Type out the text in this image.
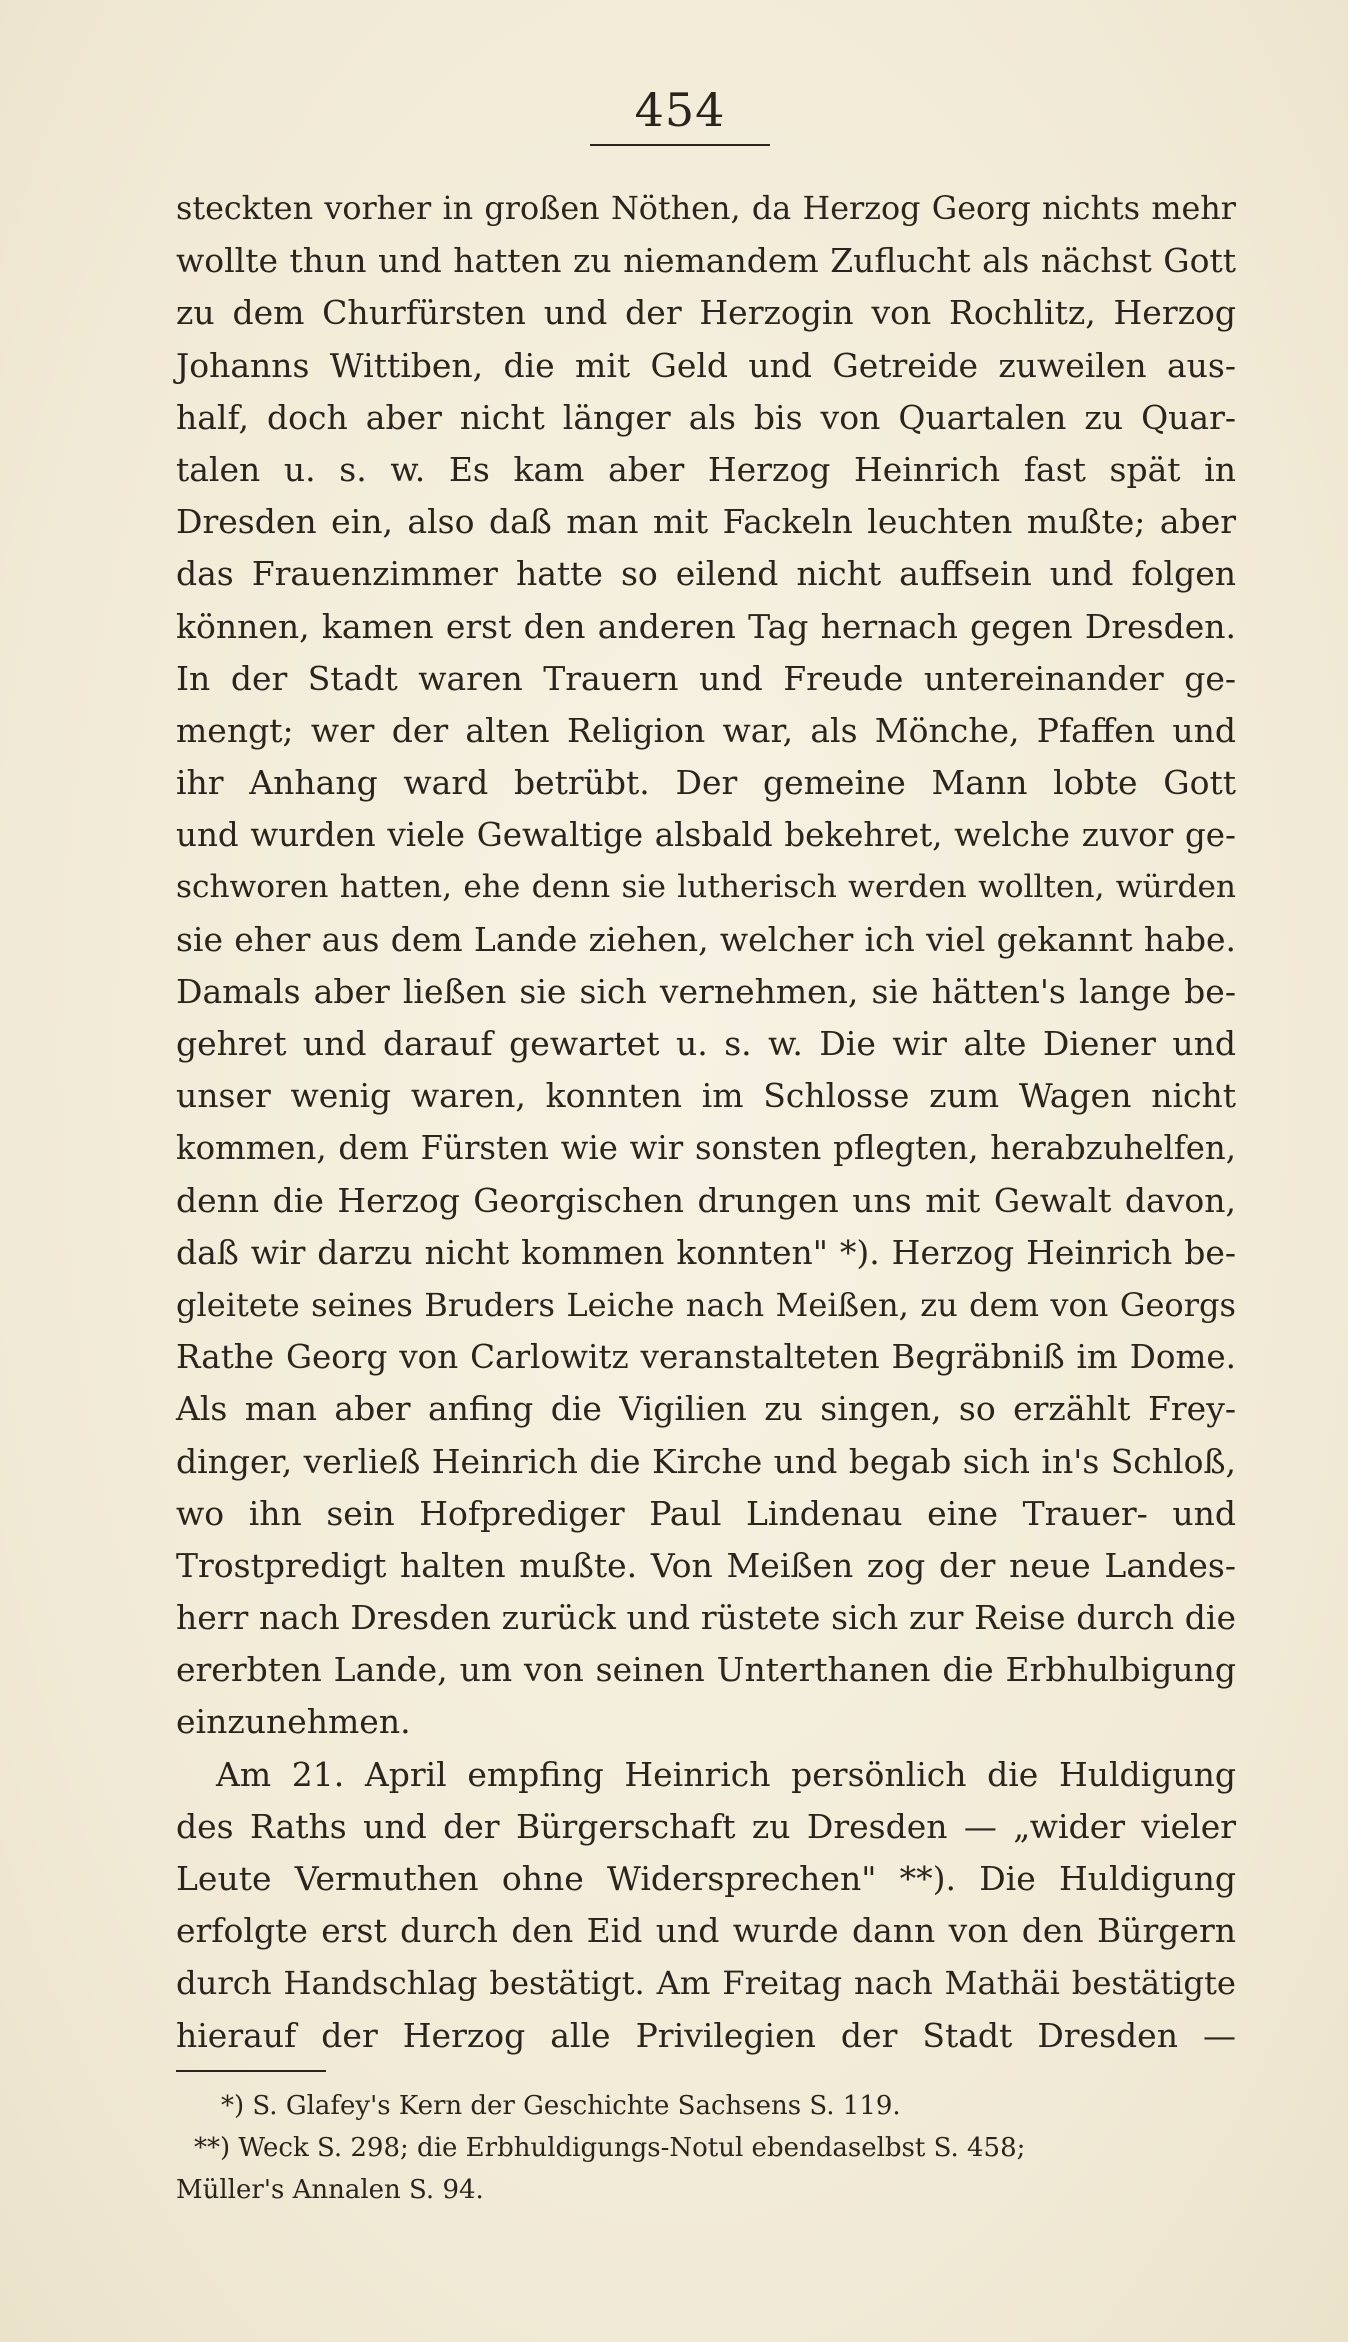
454
steckten vorher in großen Nöthen, da Herzog Georg nichts mehr
wollte thun und hatten zu niemandem Zuflucht als nächst Gott
zu dem Churfürsten und der Herzogin von Rochlitz, Herzog
Johanns Wittiben, die mit Geld und Getreide zuweilen aus-
half, doch aber nicht länger als bis von Quartalen zu Quar-
talen u. s. w. Es kam aber Herzog Heinrich fast spät in
Dresden ein, also daß man mit Fackeln leuchten mußte; aber
das Frauenzimmer hatte so eilend nicht auffsein und folgen
können, kamen erst den anderen Tag hernach gegen Dresden.
In der Stadt waren Trauern und Freude untereinander ge-
mengt; wer der alten Religion war, als Mönche, Pfaffen und
ihr Anhang ward betrübt. Der gemeine Mann lobte Gott
und wurden viele Gewaltige alsbald bekehret, welche zuvor ge-
schworen hatten, ehe denn sie lutherisch werden wollten, würden
sie eher aus dem Lande ziehen, welcher ich viel gekannt habe.
Damals aber ließen sie sich vernehmen, sie hätten's lange be-
gehret und darauf gewartet u. s. w. Die wir alte Diener und
unser wenig waren, konnten im Schlosse zum Wagen nicht
kommen, dem Fürsten wie wir sonsten pflegten, herabzuhelfen,
denn die Herzog Georgischen drungen uns mit Gewalt davon,
daß wir darzu nicht kommen konnten" *). Herzog Heinrich be-
gleitete seines Bruders Leiche nach Meißen, zu dem von Georgs
Rathe Georg von Carlowitz veranstalteten Begräbniß im Dome.
Als man aber anfing die Vigilien zu singen, so erzählt Frey-
dinger, verließ Heinrich die Kirche und begab sich in's Schloß,
wo ihn sein Hofprediger Paul Lindenau eine Trauer- und
Trostpredigt halten mußte. Von Meißen zog der neue Landes-
herr nach Dresden zurück und rüstete sich zur Reise durch die
ererbten Lande, um von seinen Unterthanen die Erbhulbigung
einzunehmen.
Am 21. April empfing Heinrich persönlich die Huldigung
des Raths und der Bürgerschaft zu Dresden — „wider vieler
Leute Vermuthen ohne Widersprechen" **). Die Huldigung
erfolgte erst durch den Eid und wurde dann von den Bürgern
durch Handschlag bestätigt. Am Freitag nach Mathäi bestätigte
hierauf der Herzog alle Privilegien der Stadt Dresden —
*) S. Glafey's Kern der Geschichte Sachsens S. 119.
**) Weck S. 298; die Erbhuldigungs-Notul ebendaselbst S. 458;
Müller's Annalen S. 94.
